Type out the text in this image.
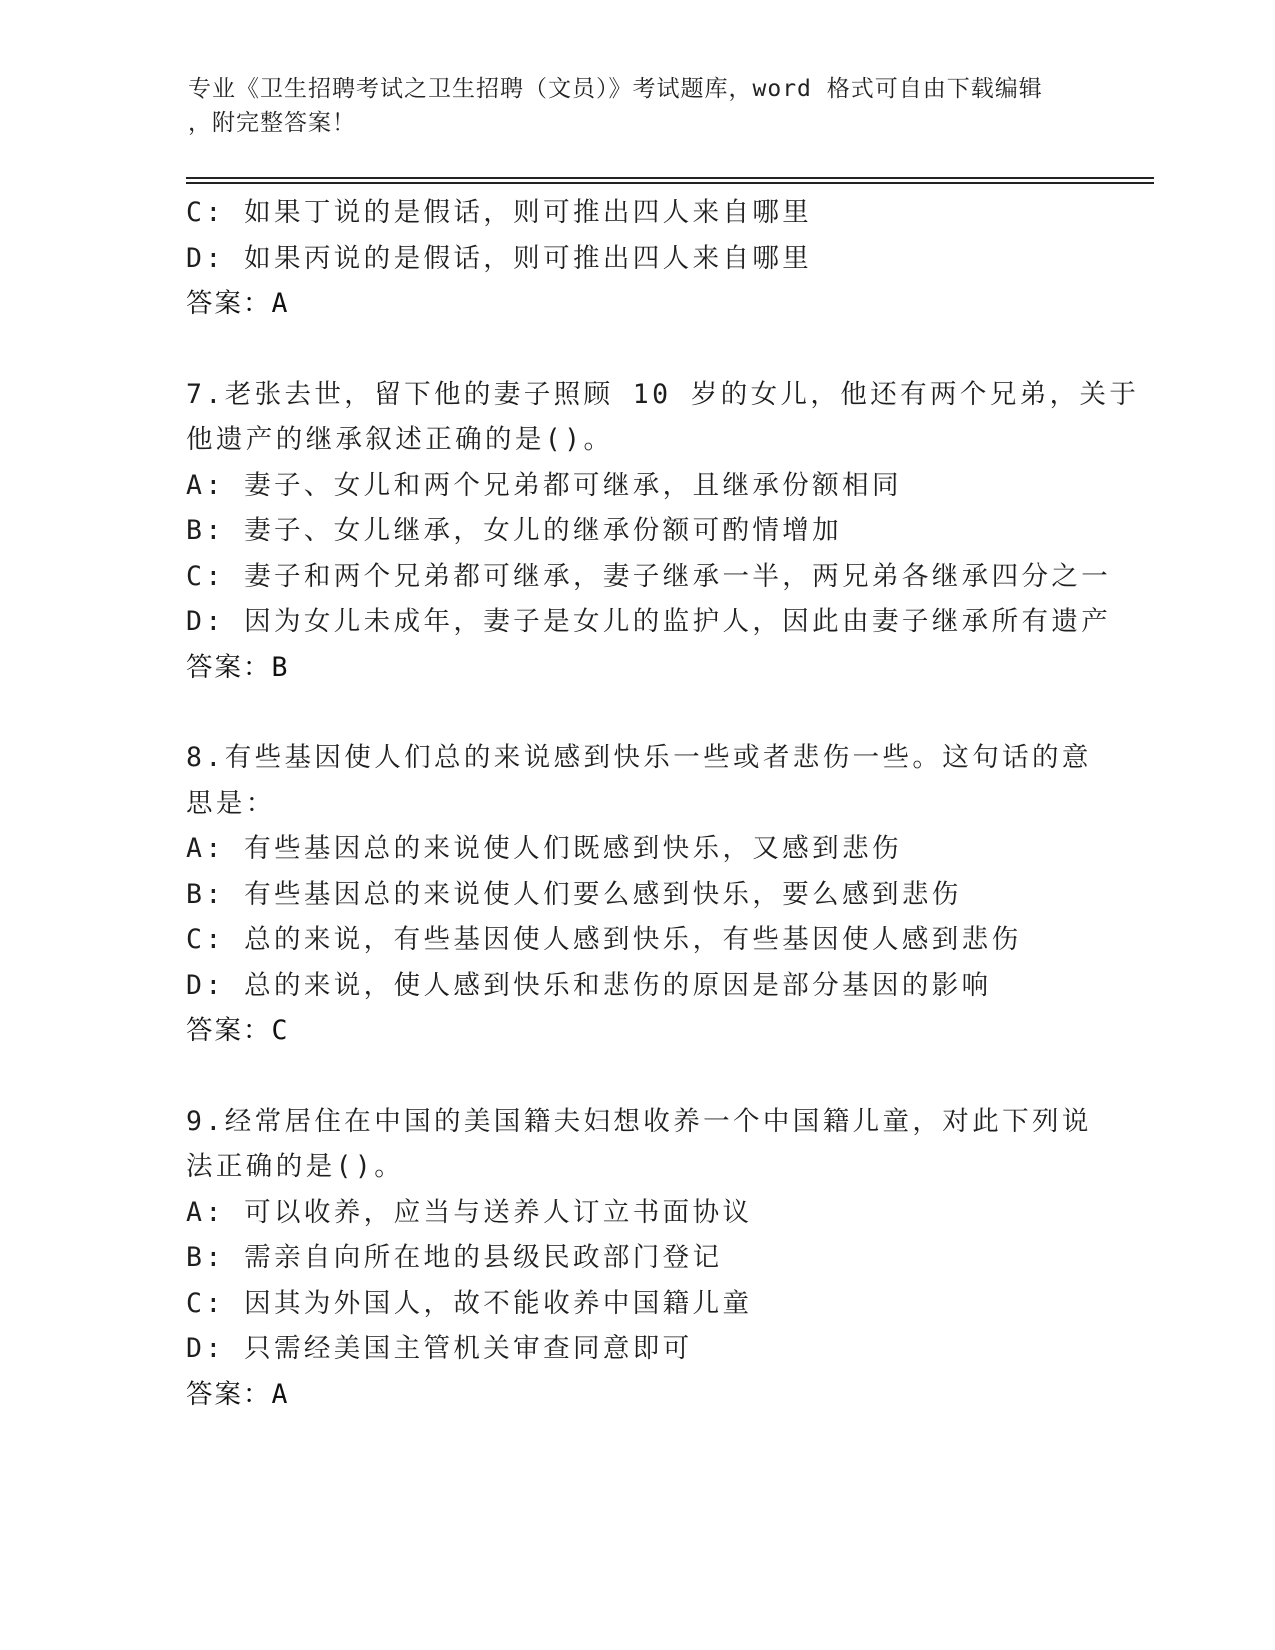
专业《卫生招聘考试之卫生招聘（文员）》考试题库，word 格式可自由下载编辑
，附完整答案！
C: 如果丁说的是假话，则可推出四人来自哪里
D: 如果丙说的是假话，则可推出四人来自哪里
答案：A
7.老张去世，留下他的妻子照顾 10 岁的女儿，他还有两个兄弟，关于
他遗产的继承叙述正确的是()。
A: 妻子、女儿和两个兄弟都可继承，且继承份额相同
B: 妻子、女儿继承，女儿的继承份额可酌情增加
C: 妻子和两个兄弟都可继承，妻子继承一半，两兄弟各继承四分之一
D: 因为女儿未成年，妻子是女儿的监护人，因此由妻子继承所有遗产
答案：B
8.有些基因使人们总的来说感到快乐一些或者悲伤一些。这句话的意
思是：
A: 有些基因总的来说使人们既感到快乐，又感到悲伤
B: 有些基因总的来说使人们要么感到快乐，要么感到悲伤
C: 总的来说，有些基因使人感到快乐，有些基因使人感到悲伤
D: 总的来说，使人感到快乐和悲伤的原因是部分基因的影响
答案：C
9.经常居住在中国的美国籍夫妇想收养一个中国籍儿童，对此下列说
法正确的是()。
A: 可以收养，应当与送养人订立书面协议
B: 需亲自向所在地的县级民政部门登记
C: 因其为外国人，故不能收养中国籍儿童
D: 只需经美国主管机关审查同意即可
答案：A
